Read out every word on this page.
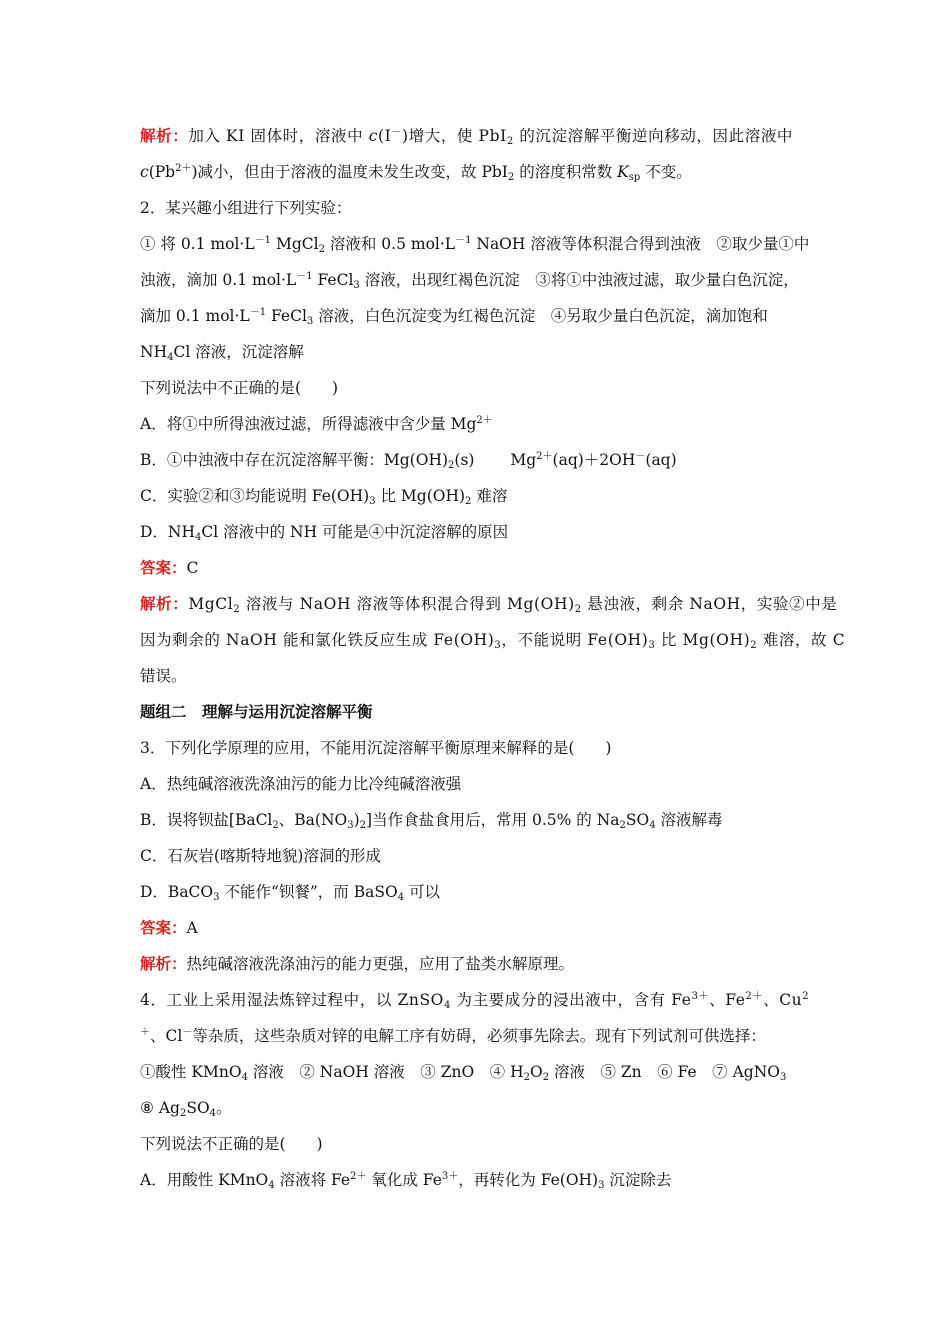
解析：加入 KI 固体时，溶液中 c(I－)增大，使 PbI$_2$ 的沉淀溶解平衡逆向移动，因此溶液中
$c(Pb^{2+})$减小，但由于溶液的温度未发生改变，故 PbI$_2$ 的溶度积常数 $K_{sp}$ 不变。
2．某兴趣小组进行下列实验：
① 将 0.1 $mol\cdot L^{-1}$ MgCl$_2$ 溶液和 0.5 $mol\cdot L^{-1}$ NaOH 溶液等体积混合得到浊液　②取少量①中
浊液，滴加 0.1 $mol\cdot L^{-1}$ FeCl$_3$ 溶液，出现红褐色沉淀　③将①中浊液过滤，取少量白色沉淀，
滴加 0.1 $mol\cdot L^{-1}$ FeCl$_3$ 溶液，白色沉淀变为红褐色沉淀　④另取少量白色沉淀，滴加饱和
$NH_4Cl$ 溶液，沉淀溶解
下列说法中不正确的是(　　)
A．将①中所得浊液过滤，所得滤液中含少量 $Mg^{2+}$
B．①中浊液中存在沉淀溶解平衡：$Mg(OH)_2(s)$　　 $Mg^{2+}(aq)+2OH^-(aq)$
C．实验②和③均能说明 $Fe(OH)_3$ 比 $Mg(OH)_2$ 难溶
D．$NH_4Cl$ 溶液中的 NH 可能是④中沉淀溶解的原因
答案：C
解析：MgCl$_2$ 溶液与 NaOH 溶液等体积混合得到 $Mg(OH)_2$ 悬浊液，剩余 NaOH，实验②中是
因为剩余的 NaOH 能和氯化铁反应生成 $Fe(OH)_3$，不能说明 $Fe(OH)_3$ 比 $Mg(OH)_2$ 难溶，故 C
错误。
题组二　理解与运用沉淀溶解平衡
3．下列化学原理的应用，不能用沉淀溶解平衡原理来解释的是(　　)
A．热纯碱溶液洗涤油污的能力比冷纯碱溶液强
B．误将钡盐[BaCl$_2$、$Ba(NO_3)_2$]当作食盐食用后，常用 0.5% 的 $Na_2SO_4$ 溶液解毒
C．石灰岩(喀斯特地貌)溶洞的形成
D．BaCO$_3$ 不能作“钡餐”，而 BaSO$_4$ 可以
答案：A
解析：热纯碱溶液洗涤油污的能力更强，应用了盐类水解原理。
4．工业上采用湿法炼锌过程中，以 ZnSO$_4$ 为主要成分的浸出液中，含有 $Fe^{3+}$、$Fe^{2+}$、Cu$^2$
＋、Cl－等杂质，这些杂质对锌的电解工序有妨碍，必须事先除去。现有下列试剂可供选择：
①酸性 KMnO$_4$ 溶液　② NaOH 溶液　③ ZnO　④ $H_2O_2$ 溶液　⑤ Zn　⑥ Fe　⑦ AgNO$_3$
⑧ $Ag_2SO_4$。
下列说法不正确的是(　　)
A．用酸性 KMnO$_4$ 溶液将 $Fe^{2+}$ 氧化成 $Fe^{3+}$，再转化为 $Fe(OH)_3$ 沉淀除去
